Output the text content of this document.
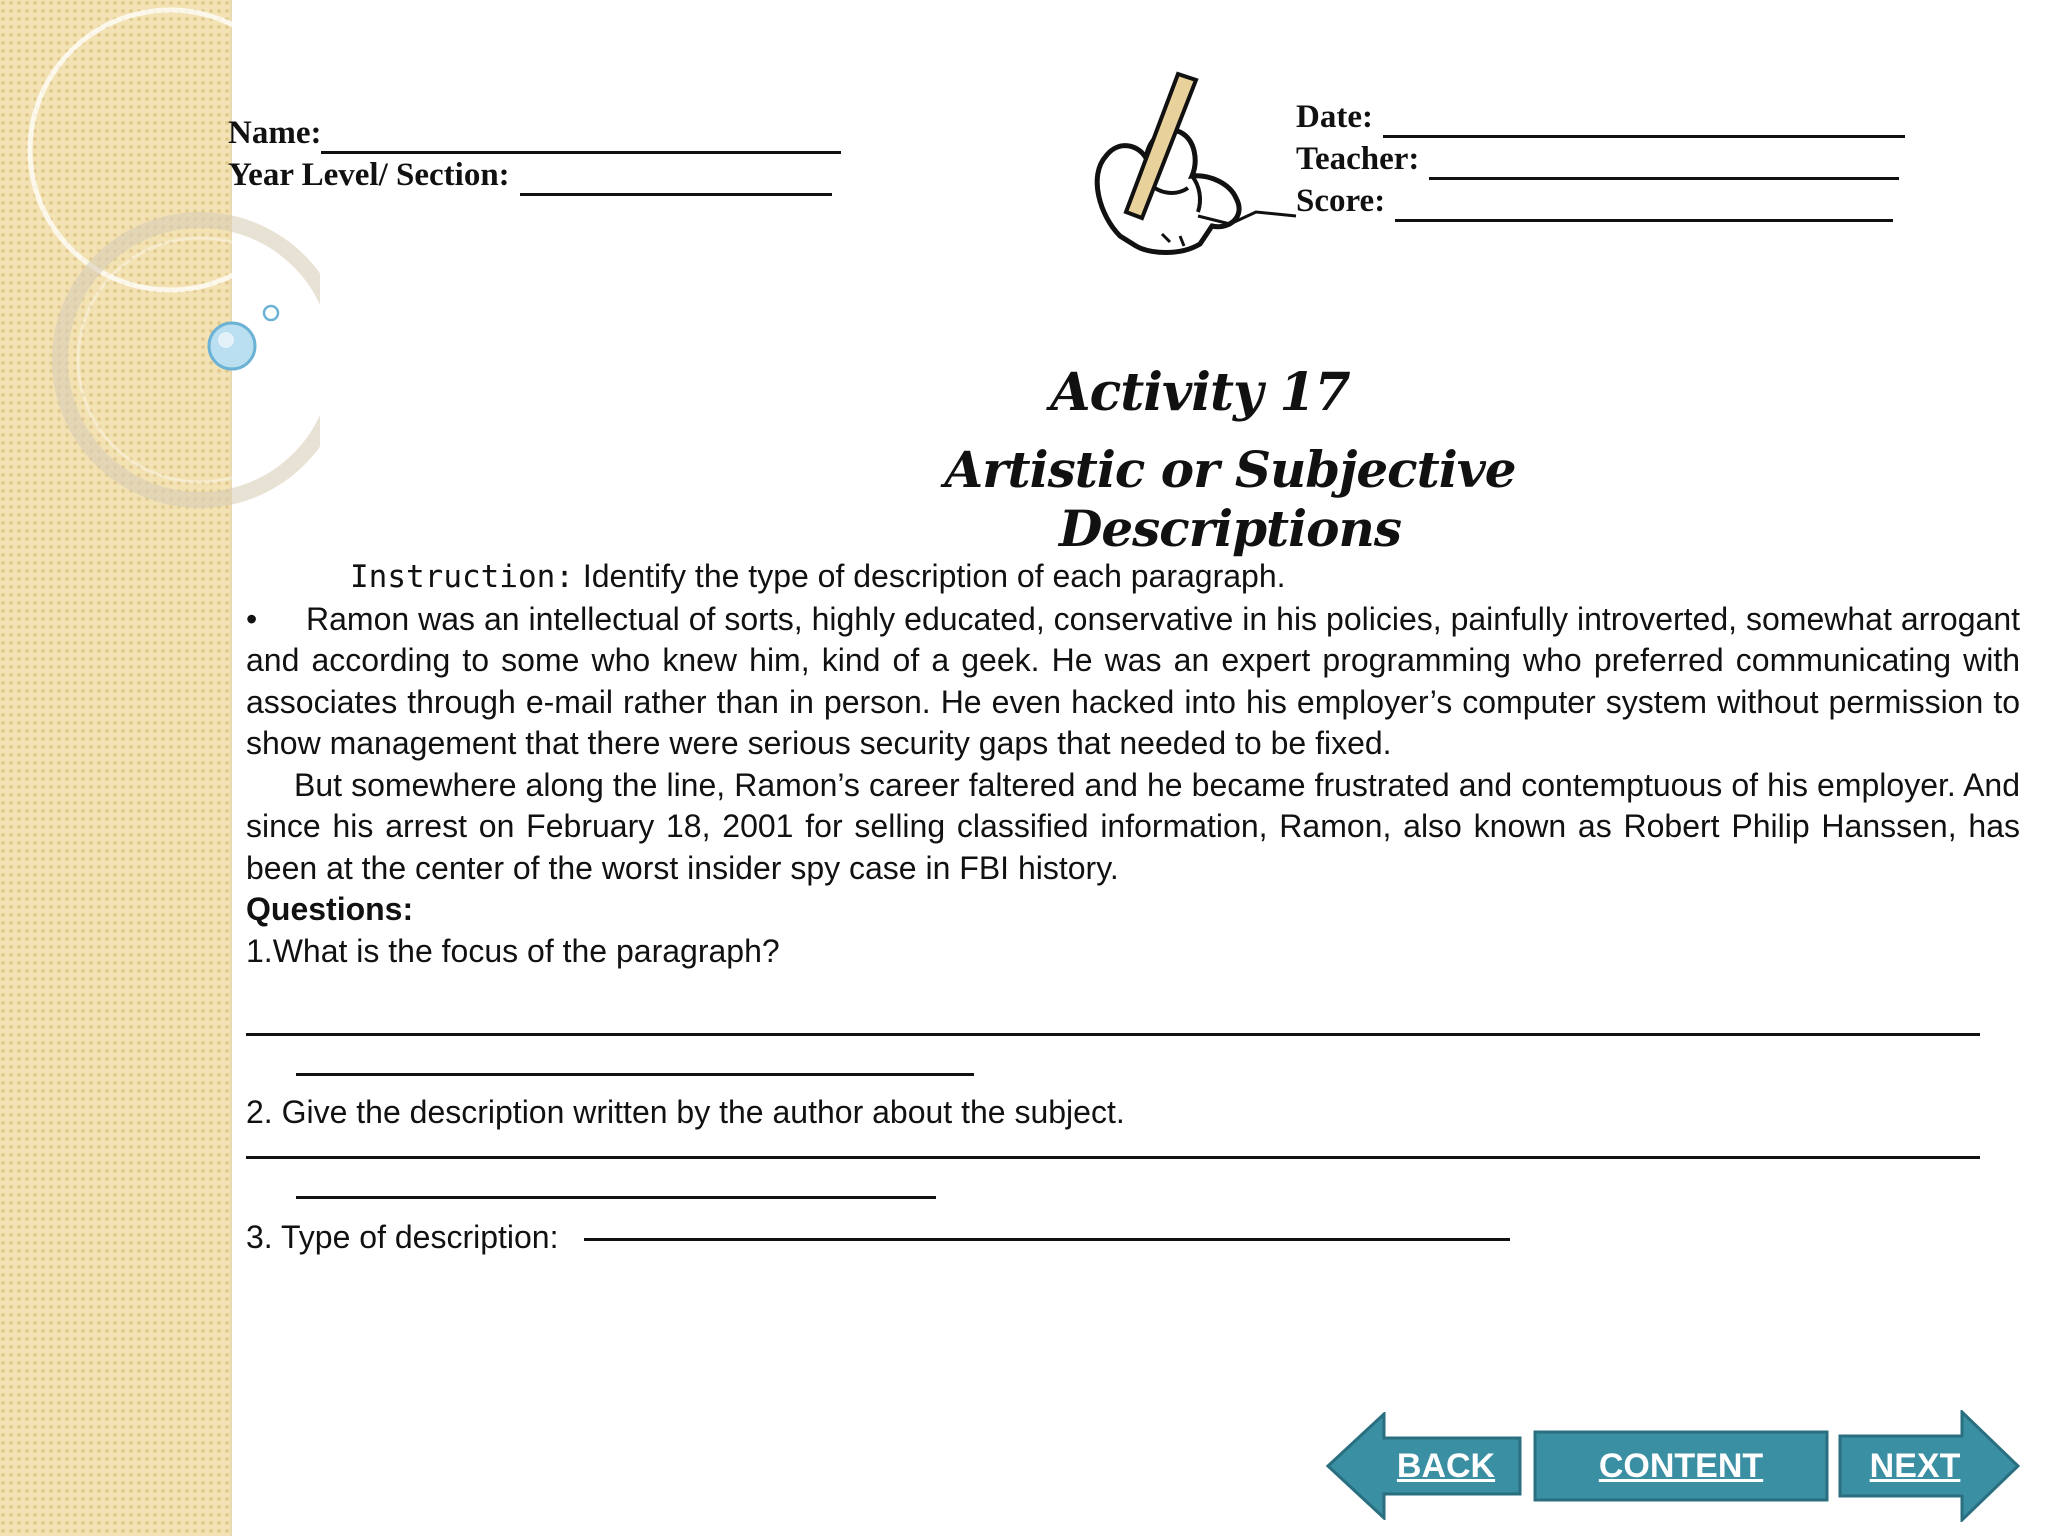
Name:
Year Level/ Section:
Date:
Teacher:
Score:
Activity 17
Artistic or Subjective Descriptions
Instruction: Identify the type of description of each paragraph.

• Ramon was an intellectual of sorts, highly educated, conservative in his policies, painfully introverted, somewhat arrogant and according to some who knew him, kind of a geek. He was an expert programming who preferred communicating with associates through e-mail rather than in person. He even hacked into his employer’s computer system without permission to show management that there were serious security gaps that needed to be fixed.

But somewhere along the line, Ramon’s career faltered and he became frustrated and contemptuous of his employer. And since his arrest on February 18, 2001 for selling classified information, Ramon, also known as Robert Philip Hanssen, has been at the center of the worst insider spy case in FBI history.

Questions:
1.What is the focus of the paragraph?
2. Give the description written by the author about the subject.
3. Type of description:
BACK	CONTENT	NEXT
